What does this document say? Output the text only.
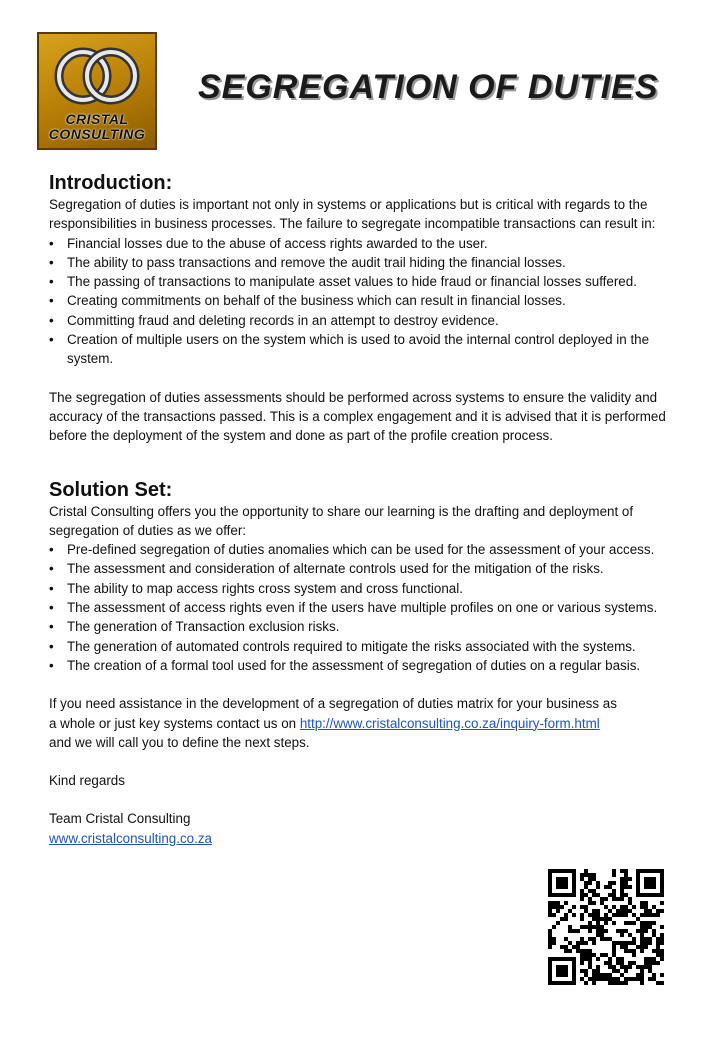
CRISTAL
CONSULTING
SEGREGATION OF DUTIES
Introduction:

Segregation of duties is important not only in systems or applications but is critical with regards to the responsibilities in business processes. The failure to segregate incompatible transactions can result in:

• Financial losses due to the abuse of access rights awarded to the user.
• The ability to pass transactions and remove the audit trail hiding the financial losses.
• The passing of transactions to manipulate asset values to hide fraud or financial losses suffered.
• Creating commitments on behalf of the business which can result in financial losses.
• Committing fraud and deleting records in an attempt to destroy evidence.
• Creation of multiple users on the system which is used to avoid the internal control deployed in the system.

The segregation of duties assessments should be performed across systems to ensure the validity and accuracy of the transactions passed. This is a complex engagement and it is advised that it is performed before the deployment of the system and done as part of the profile creation process.

Solution Set:

Cristal Consulting offers you the opportunity to share our learning is the drafting and deployment of segregation of duties as we offer:

• Pre-defined segregation of duties anomalies which can be used for the assessment of your access.
• The assessment and consideration of alternate controls used for the mitigation of the risks.
• The ability to map access rights cross system and cross functional.
• The assessment of access rights even if the users have multiple profiles on one or various systems.
• The generation of Transaction exclusion risks.
• The generation of automated controls required to mitigate the risks associated with the systems.
• The creation of a formal tool used for the assessment of segregation of duties on a regular basis.

If you need assistance in the development of a segregation of duties matrix for your business as a whole or just key systems contact us on http://www.cristalconsulting.co.za/inquiry-form.html and we will call you to define the next steps.

Kind regards

Team Cristal Consulting

www.cristalconsulting.co.za
